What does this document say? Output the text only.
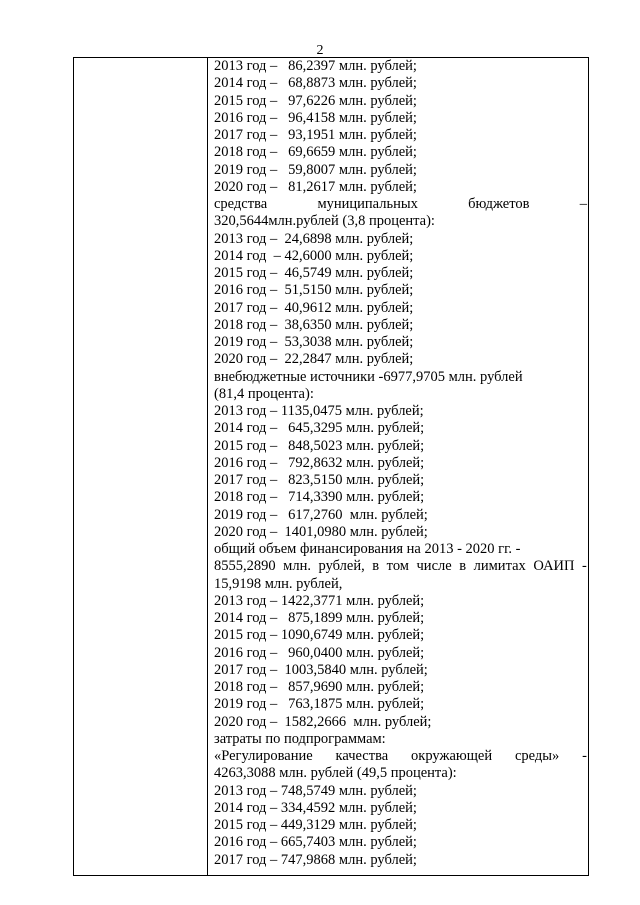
2
2013 год –   86,2397 млн. рублей;
2014 год –   68,8873 млн. рублей;
2015 год –   97,6226 млн. рублей;
2016 год –   96,4158 млн. рублей;
2017 год –   93,1951 млн. рублей;
2018 год –   69,6659 млн. рублей;
2019 год –   59,8007 млн. рублей;
2020 год –   81,2617 млн. рублей;
средства	муниципальных	бюджетов	–
320,5644млн.рублей (3,8 процента):
2013 год –  24,6898 млн. рублей;
2014 год  – 42,6000 млн. рублей;
2015 год –  46,5749 млн. рублей;
2016 год –  51,5150 млн. рублей;
2017 год –  40,9612 млн. рублей;
2018 год –  38,6350 млн. рублей;
2019 год –  53,3038 млн. рублей;
2020 год –  22,2847 млн. рублей;
внебюджетные источники -6977,9705 млн. рублей
(81,4 процента):
2013 год – 1135,0475 млн. рублей;
2014 год –   645,3295 млн. рублей;
2015 год –   848,5023 млн. рублей;
2016 год –   792,8632 млн. рублей;
2017 год –   823,5150 млн. рублей;
2018 год –   714,3390 млн. рублей;
2019 год –   617,2760  млн. рублей;
2020 год –  1401,0980 млн. рублей;
общий объем финансирования на 2013 - 2020 гг. -
8555,2890 млн. рублей, в том числе в лимитах ОАИП -
15,9198 млн. рублей,
2013 год – 1422,3771 млн. рублей;
2014 год –   875,1899 млн. рублей;
2015 год – 1090,6749 млн. рублей;
2016 год –   960,0400 млн. рублей;
2017 год –  1003,5840 млн. рублей;
2018 год –   857,9690 млн. рублей;
2019 год –   763,1875 млн. рублей;
2020 год –  1582,2666  млн. рублей;
затраты по подпрограммам:
«Регулирование качества окружающей среды» -
4263,3088 млн. рублей (49,5 процента):
2013 год – 748,5749 млн. рублей;
2014 год – 334,4592 млн. рублей;
2015 год – 449,3129 млн. рублей;
2016 год – 665,7403 млн. рублей;
2017 год – 747,9868 млн. рублей;
